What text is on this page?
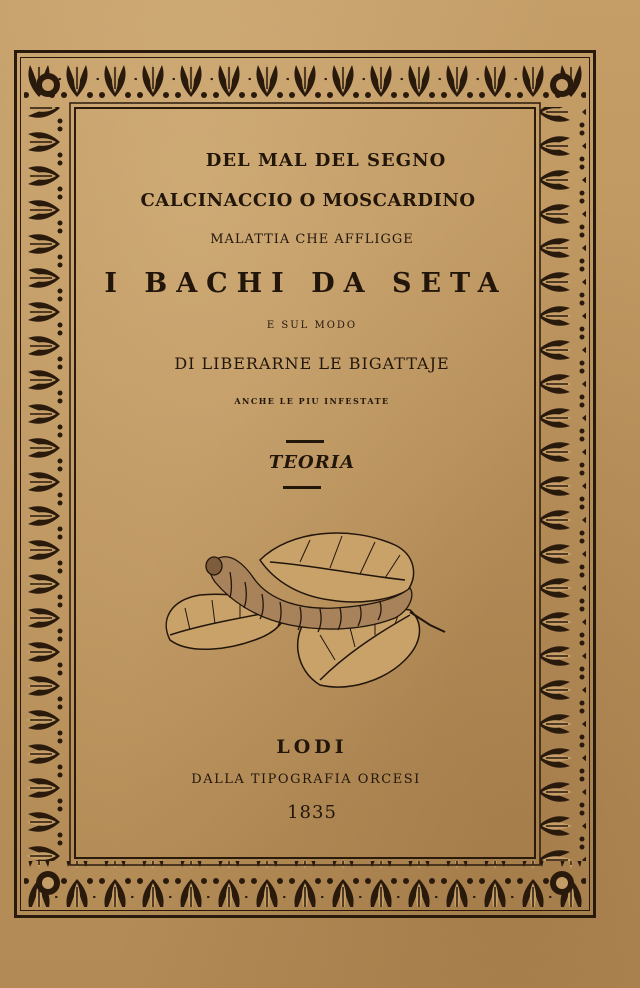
DEL MAL DEL SEGNO

CALCINACCIO O MOSCARDINO

MALATTIA CHE AFFLIGGE

I BACHI DA SETA

E SUL MODO

DI LIBERARNE LE BIGATTAJE

ANCHE LE PIU INFESTATE

TEORIA

LODI

DALLA TIPOGRAFIA ORCESI

1835
